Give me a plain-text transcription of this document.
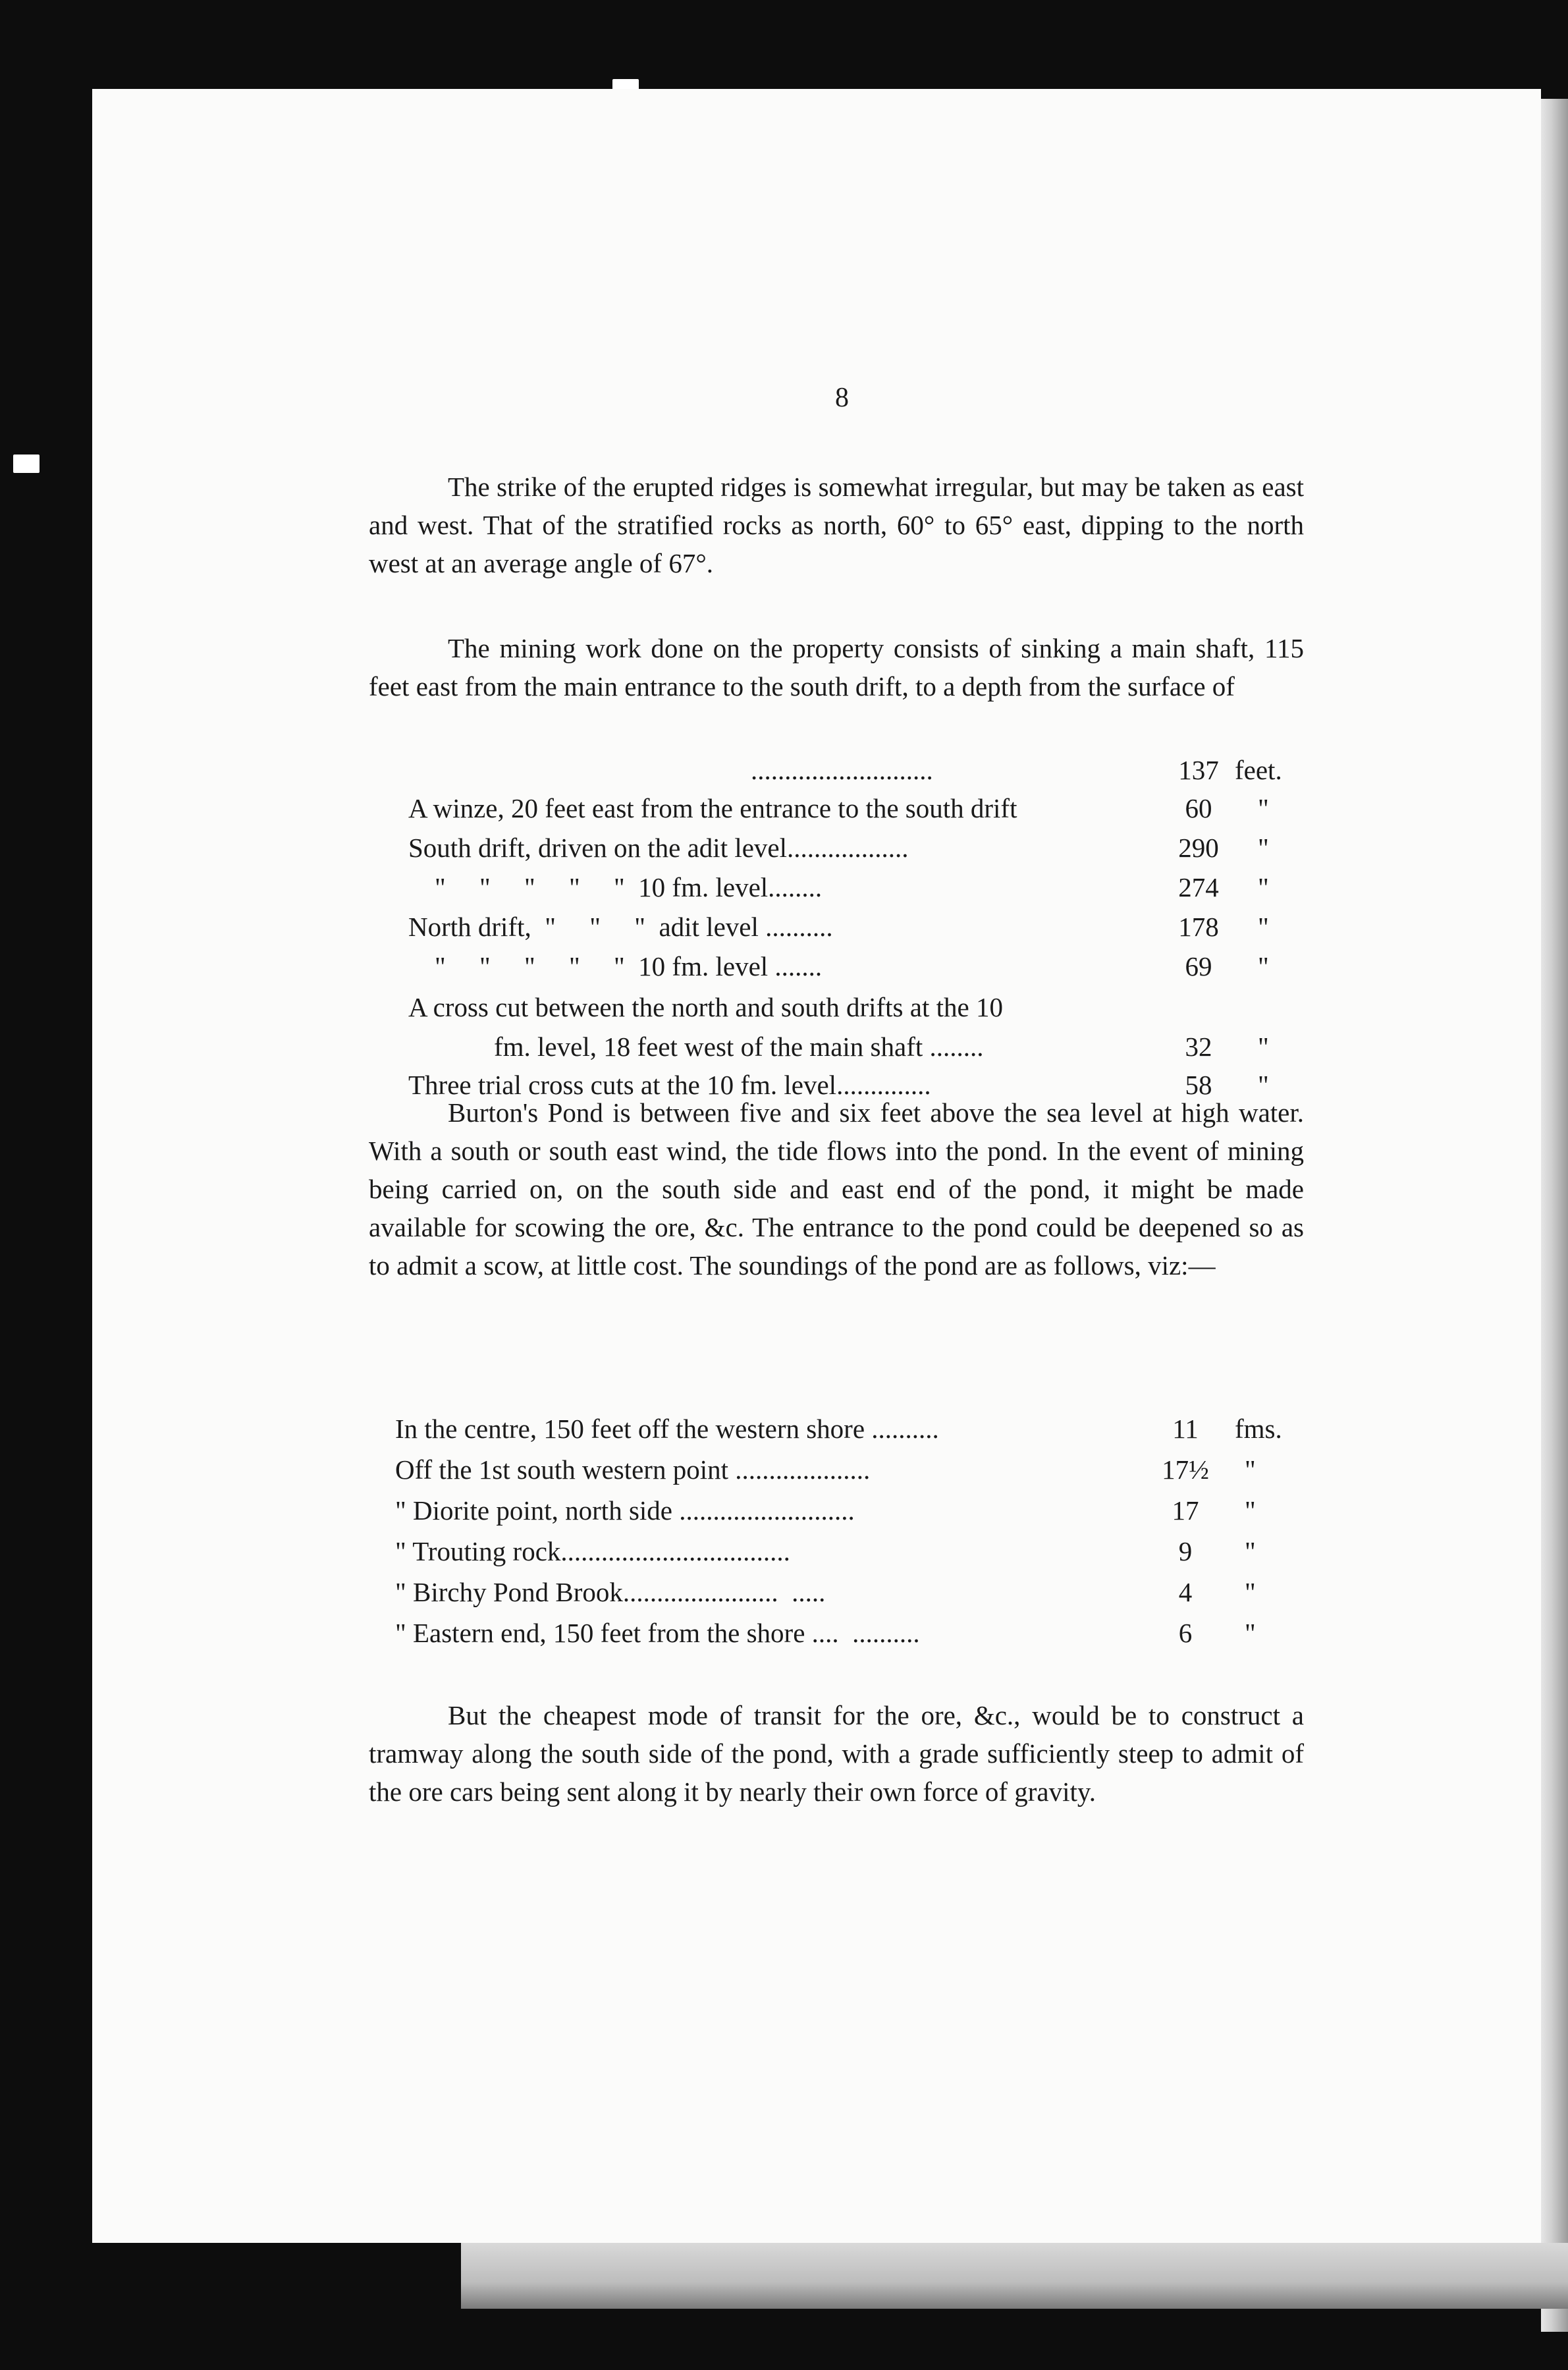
8

The strike of the erupted ridges is somewhat irregular, but may be taken as east and west. That of the stratified rocks as north, 60° to 65° east, dipping to the north west at an average angle of 67°.

The mining work done on the property consists of sinking a main shaft, 115 feet east from the main entrance to the south drift, to a depth from the surface of

...........................	137 feet.
A winze, 20 feet east from the entrance to the south drift	60	"
South drift, driven on the adit level..................	290	"
"     "     "     "     "  10 fm. level........	274	"
North drift,  "     "     "  adit level ..........	178	"
"     "     "     "     "  10 fm. level .......	69	"
A cross cut between the north and south drifts at the 10
fm. level, 18 feet west of the main shaft ........	32	"
Three trial cross cuts at the 10 fm. level..............	58	"

Burton's Pond is between five and six feet above the sea level at high water. With a south or south east wind, the tide flows into the pond. In the event of mining being carried on, on the south side and east end of the pond, it might be made available for scowing the ore, &c. The entrance to the pond could be deepened so as to admit a scow, at little cost. The soundings of the pond are as follows, viz:—

In the centre, 150 feet off the western shore ..........	11	fms.
Off the 1st south western point ....................	17½	"
" Diorite point, north side ..........................	17	"
" Trouting rock..................................	9	"
" Birchy Pond Brook.......................  .....	4	"
" Eastern end, 150 feet from the shore ....  ..........	6	"

But the cheapest mode of transit for the ore, &c., would be to construct a tramway along the south side of the pond, with a grade sufficiently steep to admit of the ore cars being sent along it by nearly their own force of gravity.
